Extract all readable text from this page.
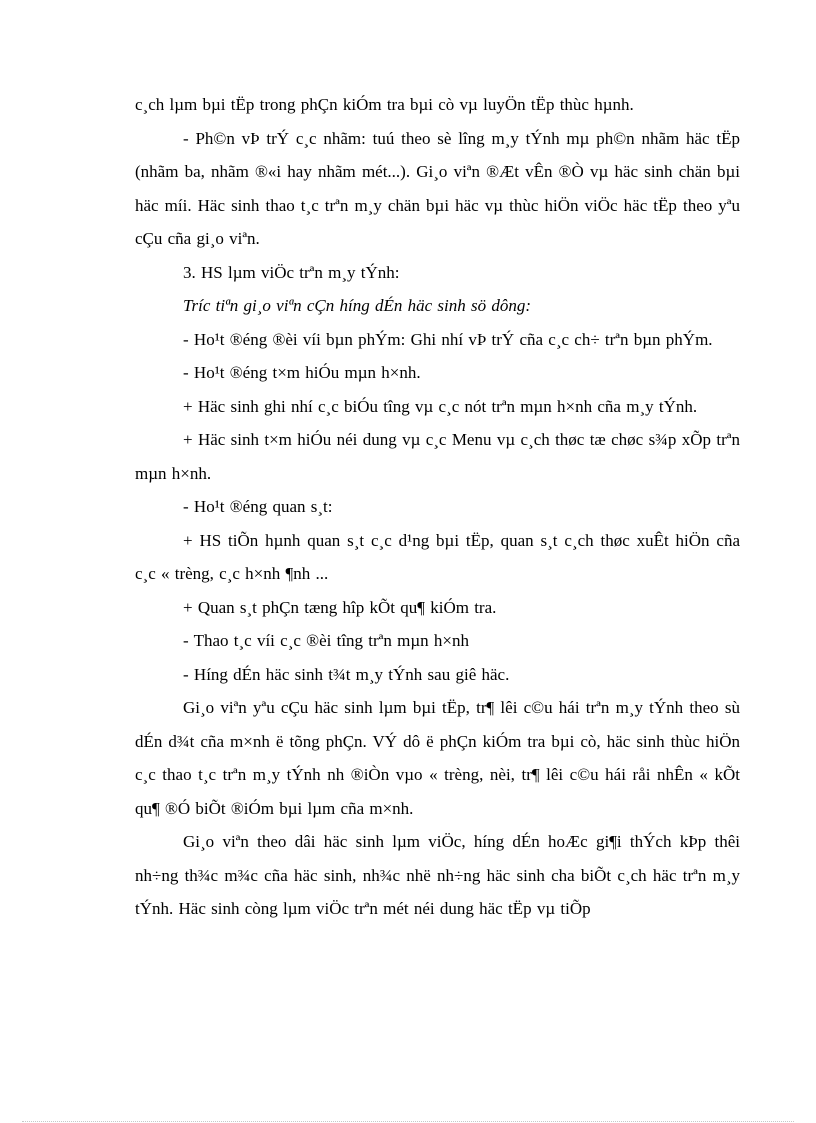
c¸ch lµm bµi tËp trong phÇn kiÓm tra bµi cò vµ luyÖn tËp thùc hµnh.

- Ph©n vÞ trÝ c¸c nhãm: tuú theo sè lîng m¸y tÝnh mµ ph©n nhãm häc tËp (nhãm ba, nhãm ®«i hay nhãm mét...). Gi¸o viªn ®Æt vÊn ®Ò vµ häc sinh chän bµi häc míi. Häc sinh thao t¸c trªn m¸y chän bµi häc vµ thùc hiÖn viÖc häc tËp theo yªu cÇu cña gi¸o viªn.

3. HS lµm viÖc trªn m¸y tÝnh:

Tríc tiªn gi¸o viªn cÇn híng dÉn häc sinh sö dông:

- Ho¹t ®éng ®èi víi bµn phÝm: Ghi nhí vÞ trÝ cña c¸c ch÷ trªn bµn phÝm.

- Ho¹t ®éng t×m hiÓu mµn h×nh.

+ Häc sinh ghi nhí c¸c biÓu tîng vµ c¸c nót trªn mµn h×nh cña m¸y tÝnh.

+ Häc sinh t×m hiÓu néi dung vµ c¸c Menu vµ c¸ch thøc tæ chøc s¾p xÕp trªn mµn h×nh.

- Ho¹t ®éng quan s¸t:

+ HS tiÕn hµnh quan s¸t c¸c d¹ng bµi tËp, quan s¸t c¸ch thøc xuÊt hiÖn cña c¸c « trèng, c¸c h×nh ¶nh ...

+ Quan s¸t phÇn tæng hîp kÕt qu¶ kiÓm tra.

- Thao t¸c víi c¸c ®èi tîng trªn mµn h×nh

- Híng dÉn häc sinh t¾t m¸y tÝnh sau giê häc.

Gi¸o viªn yªu cÇu häc sinh lµm bµi tËp, tr¶ lêi c©u hái trªn m¸y tÝnh theo sù dÉn d¾t cña m×nh ë tõng phÇn. VÝ dô ë phÇn kiÓm tra bµi cò, häc sinh thùc hiÖn c¸c thao t¸c trªn m¸y tÝnh nh ®iÒn vµo « trèng, nèi, tr¶ lêi c©u hái råi nhÊn « kÕt qu¶ ®Ó biÕt ®iÓm bµi lµm cña m×nh.

Gi¸o viªn theo dâi häc sinh lµm viÖc, híng dÉn hoÆc gi¶i thÝch kÞp thêi nh÷ng th¾c m¾c cña häc sinh, nh¾c nhë nh÷ng häc sinh cha biÕt c¸ch häc trªn m¸y tÝnh. Häc sinh còng lµm viÖc trªn mét néi dung häc tËp vµ tiÕp
